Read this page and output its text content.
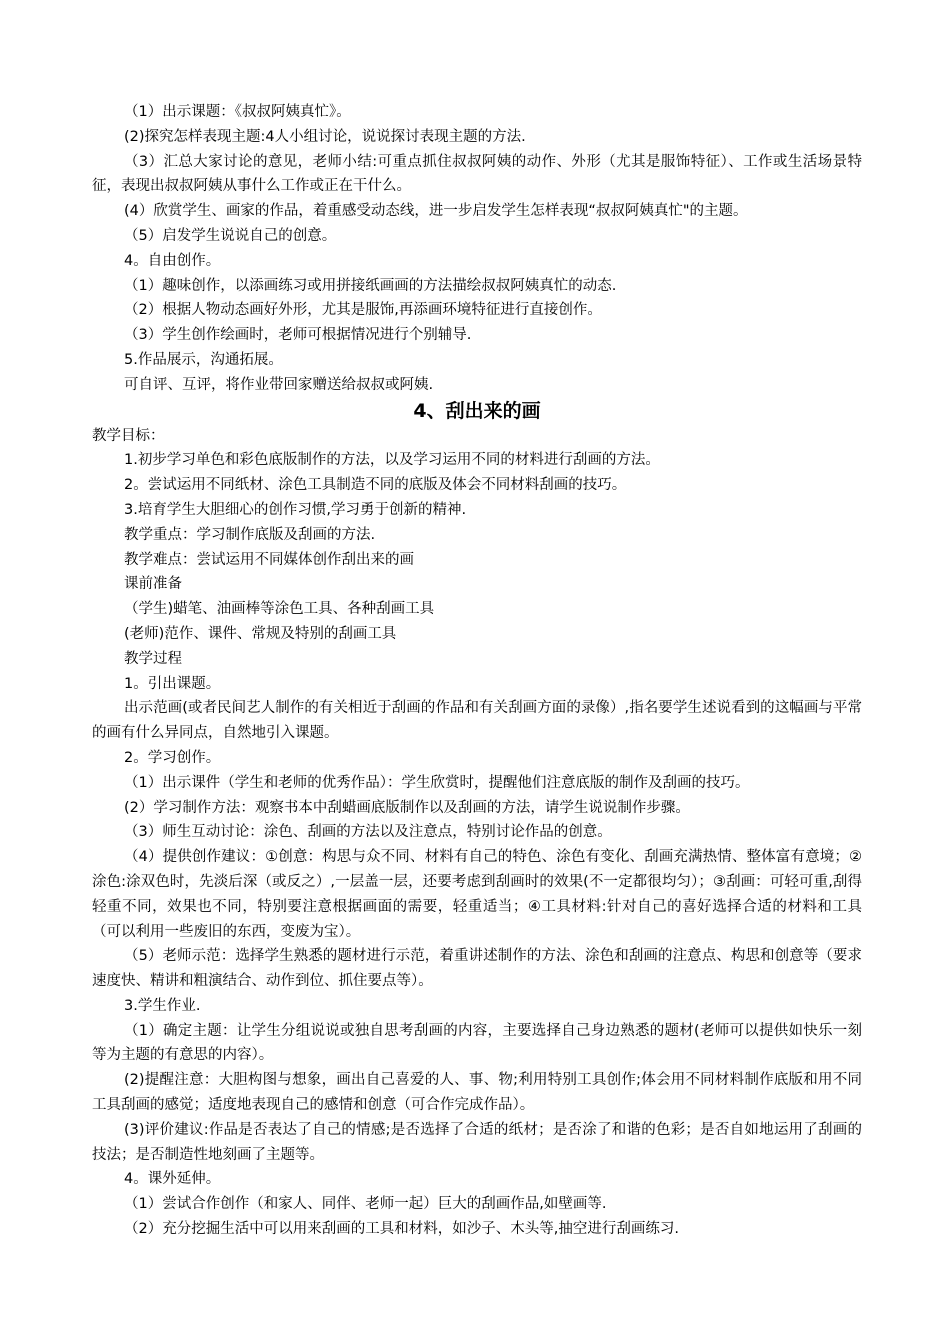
（1）出示课题：《叔叔阿姨真忙》。

(2)探究怎样表现主题:4人小组讨论，说说探讨表现主题的方法.

（3）汇总大家讨论的意见，老师小结:可重点抓住叔叔阿姨的动作、外形（尤其是服饰特征）、工作或生活场景特征，表现出叔叔阿姨从事什么工作或正在干什么。

(4）欣赏学生、画家的作品，着重感受动态线，进一步启发学生怎样表现“叔叔阿姨真忙"的主题。

（5）启发学生说说自己的创意。

4。自由创作。

（1）趣味创作，以添画练习或用拼接纸画画的方法描绘叔叔阿姨真忙的动态.

（2）根据人物动态画好外形，尤其是服饰,再添画环境特征进行直接创作。

（3）学生创作绘画时，老师可根据情况进行个别辅导.

5.作品展示，沟通拓展。

可自评、互评，将作业带回家赠送给叔叔或阿姨.

4、刮出来的画

教学目标：

1.初步学习单色和彩色底版制作的方法，以及学习运用不同的材料进行刮画的方法。

2。尝试运用不同纸材、涂色工具制造不同的底版及体会不同材料刮画的技巧。

3.培育学生大胆细心的创作习惯,学习勇于创新的精神.

教学重点：学习制作底版及刮画的方法.

教学难点：尝试运用不同媒体创作刮出来的画

课前准备

（学生)蜡笔、油画棒等涂色工具、各种刮画工具

(老师)范作、课件、常规及特别的刮画工具

教学过程

1。引出课题。

出示范画(或者民间艺人制作的有关相近于刮画的作品和有关刮画方面的录像）,指名要学生述说看到的这幅画与平常的画有什么异同点，自然地引入课题。

2。学习创作。

（1）出示课件（学生和老师的优秀作品）：学生欣赏时，提醒他们注意底版的制作及刮画的技巧。

(2）学习制作方法：观察书本中刮蜡画底版制作以及刮画的方法，请学生说说制作步骤。

（3）师生互动讨论：涂色、刮画的方法以及注意点，特别讨论作品的创意。

（4）提供创作建议：①创意：构思与众不同、材料有自己的特色、涂色有变化、刮画充满热情、整体富有意境；②涂色:涂双色时，先淡后深（或反之）,一层盖一层，还要考虑到刮画时的效果(不一定都很均匀）；③刮画：可轻可重,刮得轻重不同，效果也不同，特别要注意根据画面的需要，轻重适当；④工具材料:针对自己的喜好选择合适的材料和工具（可以利用一些废旧的东西，变废为宝）。

（5）老师示范：选择学生熟悉的题材进行示范，着重讲述制作的方法、涂色和刮画的注意点、构思和创意等（要求速度快、精讲和粗演结合、动作到位、抓住要点等）。

3.学生作业.

（1）确定主题：让学生分组说说或独自思考刮画的内容，主要选择自己身边熟悉的题材(老师可以提供如快乐一刻等为主题的有意思的内容）。

(2)提醒注意：大胆构图与想象，画出自己喜爱的人、事、物;利用特别工具创作;体会用不同材料制作底版和用不同工具刮画的感觉；适度地表现自己的感情和创意（可合作完成作品）。

(3)评价建议:作品是否表达了自己的情感;是否选择了合适的纸材；是否涂了和谐的色彩；是否自如地运用了刮画的技法；是否制造性地刻画了主题等。

4。课外延伸。

（1）尝试合作创作（和家人、同伴、老师一起）巨大的刮画作品,如壁画等.

（2）充分挖掘生活中可以用来刮画的工具和材料，如沙子、木头等,抽空进行刮画练习.
